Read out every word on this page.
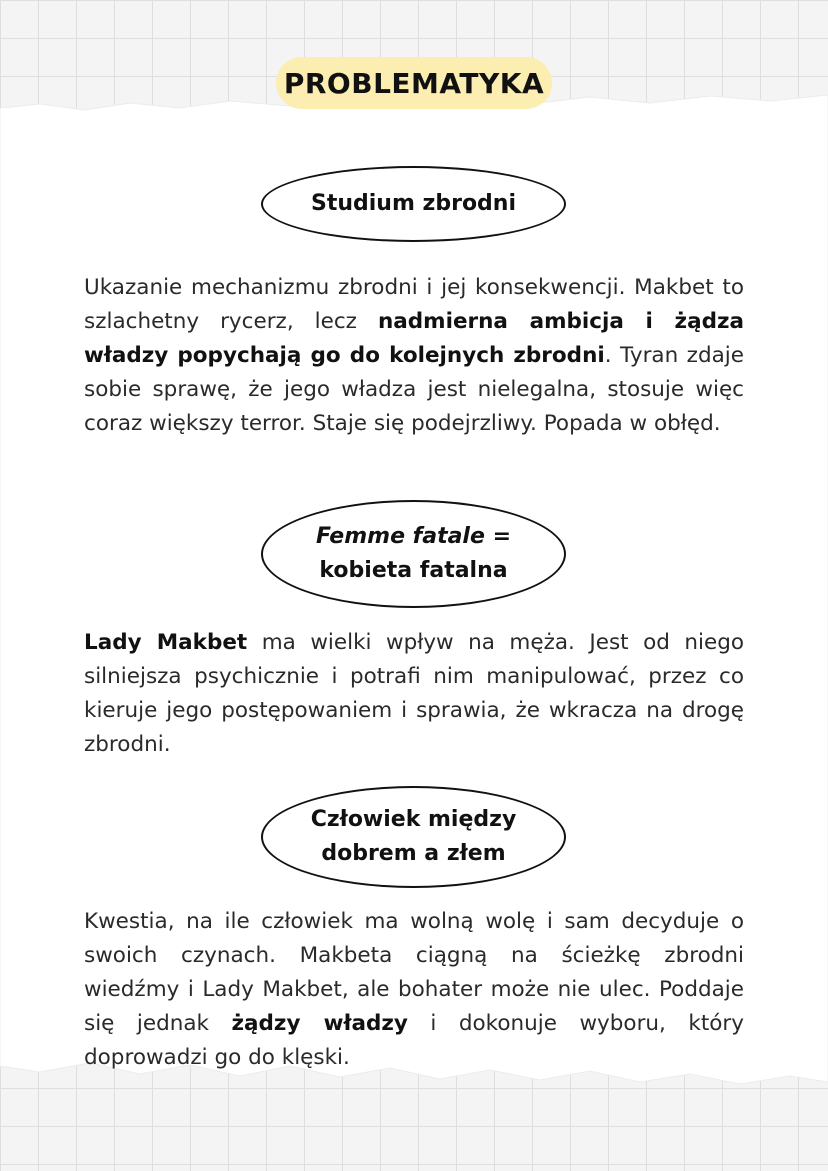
PROBLEMATYKA
Studium zbrodni
Ukazanie mechanizmu zbrodni i jej konsekwencji. Makbet to szlachetny rycerz, lecz nadmierna ambicja i żądza władzy popychają go do kolejnych zbrodni. Tyran zdaje sobie sprawę, że jego władza jest nielegalna, stosuje więc coraz większy terror. Staje się podejrzliwy. Popada w obłęd.
Femme fatale =
kobieta fatalna
Lady Makbet ma wielki wpływ na męża. Jest od niego silniejsza psychicznie i potrafi nim manipulować, przez co kieruje jego postępowaniem i sprawia, że wkracza na drogę zbrodni.
Człowiek między
dobrem a złem
Kwestia, na ile człowiek ma wolną wolę i sam decyduje o swoich czynach. Makbeta ciągną na ścieżkę zbrodni wiedźmy i Lady Makbet, ale bohater może nie ulec. Poddaje się jednak żądzy władzy i dokonuje wyboru, który doprowadzi go do klęski.
